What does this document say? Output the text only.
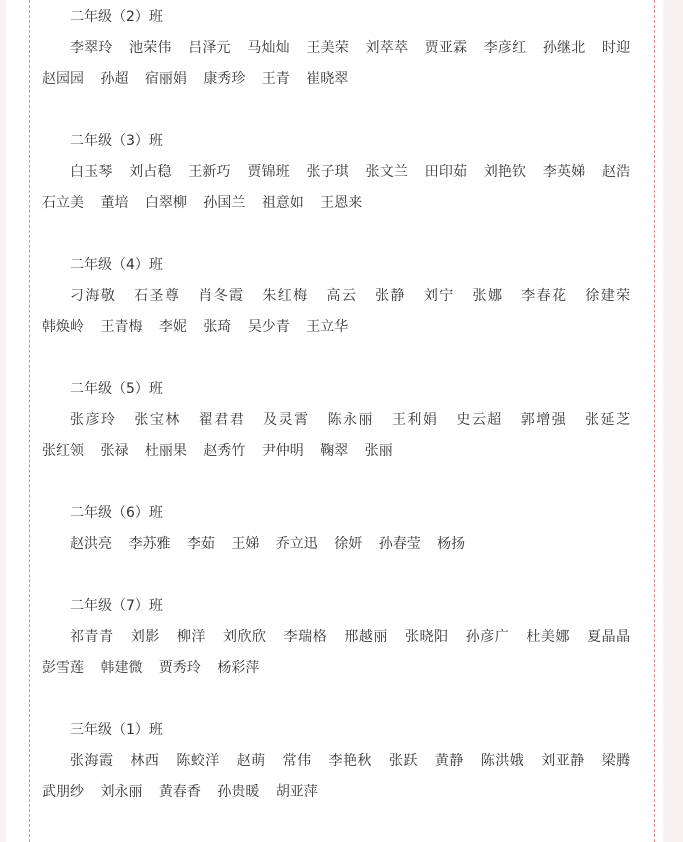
二年级（2）班
李翠玲 池荣伟 吕泽元 马灿灿 王美荣 刘萃萃 贾亚霖 李彦红 孙继北 时迎 赵园园 孙超 宿丽娟 康秀珍 王青 崔晓翠
二年级（3）班
白玉琴 刘占稳 王新巧 贾锦班 张子琪 张文兰 田印茹 刘艳钦 李英娣 赵浩 石立美 董培 白翠柳 孙国兰 祖意如 王恩来
二年级（4）班
刁海敬 石圣尊 肖冬霞 朱红梅 高云 张静 刘宁 张娜 李春花 徐建荣 韩焕岭 王青梅 李妮 张琦 吴少青 王立华
二年级（5）班
张彦玲 张宝林 翟君君 及灵霄 陈永丽 王利娟 史云超 郭增强 张延芝 张红领 张禄 杜丽果 赵秀竹 尹仲明 鞠翠 张丽
二年级（6）班
赵洪亮 李苏雅 李茹 王娣 乔立迅 徐妍 孙春莹 杨扬
二年级（7）班
祁青青 刘影 柳洋 刘欣欣 李瑞格 邢越丽 张晓阳 孙彦广 杜美娜 夏晶晶 彭雪莲 韩建微 贾秀玲 杨彩萍
三年级（1）班
张海霞 林西 陈蛟洋 赵萌 常伟 李艳秋 张跃 黄静 陈洪娥 刘亚静 梁腾 武朋纱 刘永丽 黄春香 孙贵暖 胡亚萍
